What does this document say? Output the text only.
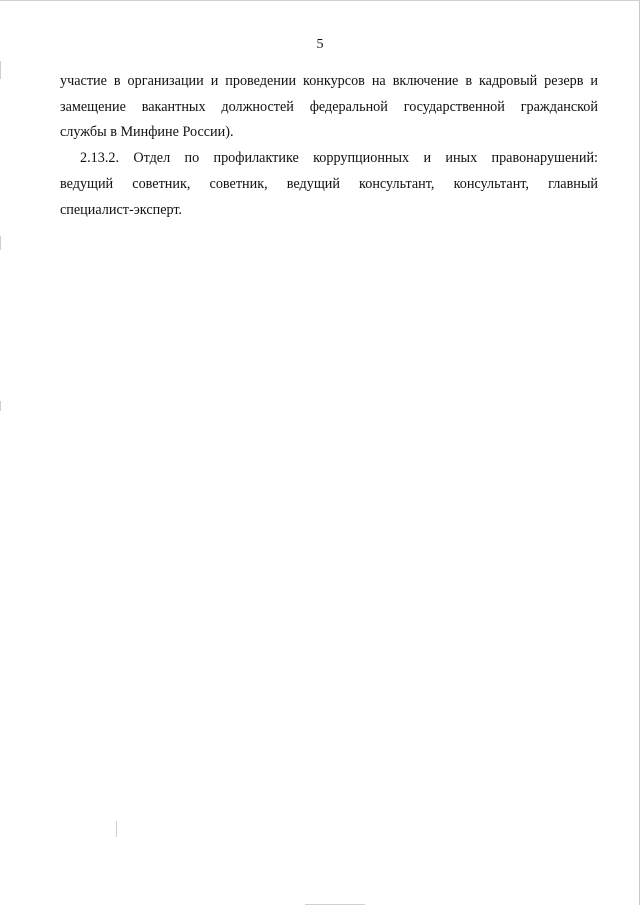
5
участие в организации и проведении конкурсов на включение в кадровый резерв и
замещение вакантных должностей федеральной государственной гражданской
службы в Минфине России).
2.13.2. Отдел по профилактике коррупционных и иных правонарушений:
ведущий советник, советник, ведущий консультант, консультант, главный
специалист-эксперт.
